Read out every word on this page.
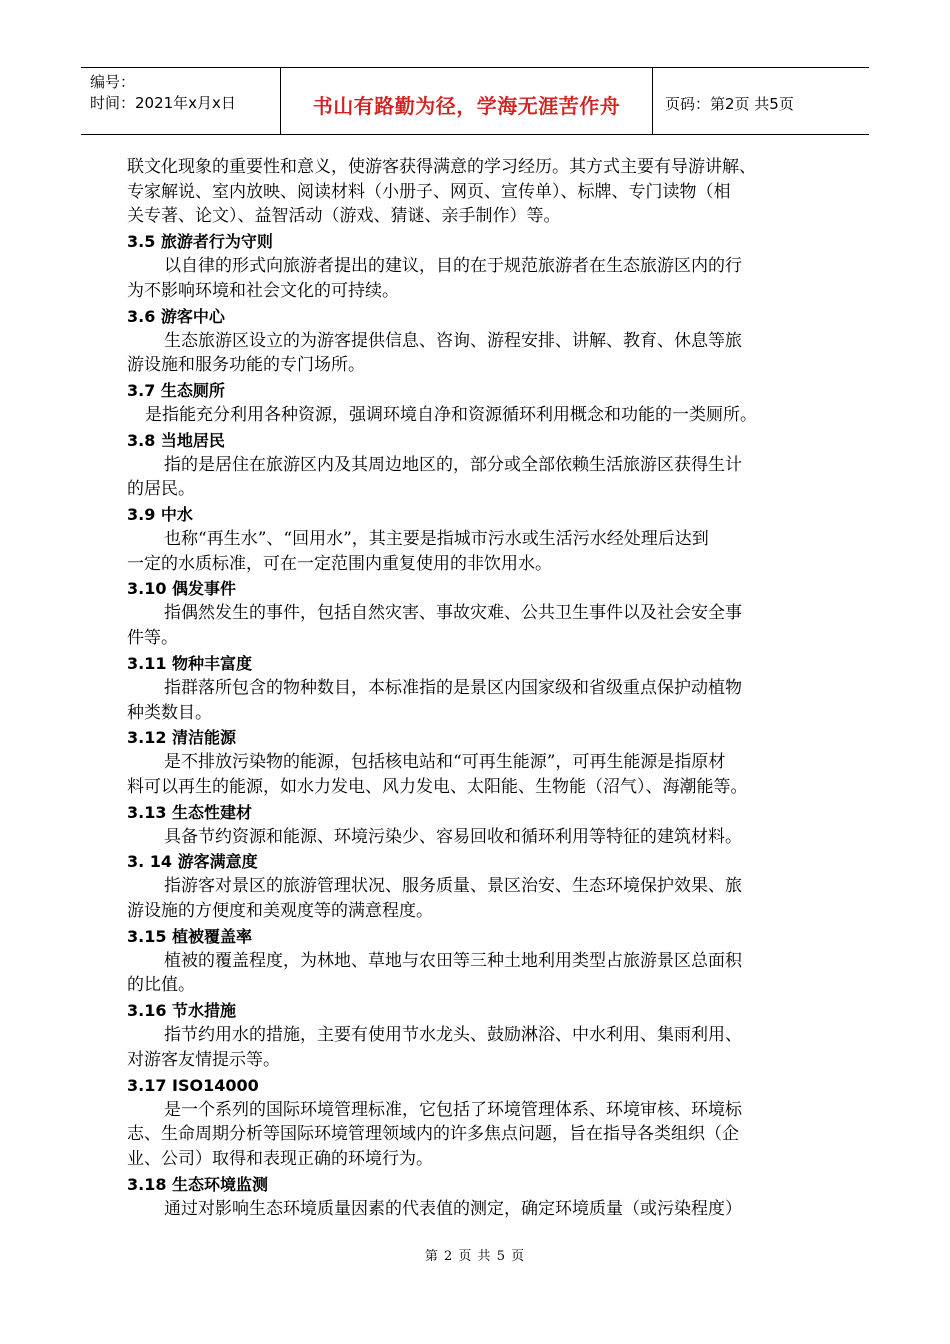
编号：
时间：2021年x月x日	书山有路勤为径，学海无涯苦作舟	页码：第2页 共5页
联文化现象的重要性和意义，使游客获得满意的学习经历。其方式主要有导游讲解、
专家解说、室内放映、阅读材料（小册子、网页、宣传单）、标牌、专门读物（相
关专著、论文）、益智活动（游戏、猜谜、亲手制作）等。
3.5 旅游者行为守则
以自律的形式向旅游者提出的建议，目的在于规范旅游者在生态旅游区内的行
为不影响环境和社会文化的可持续。
3.6 游客中心
生态旅游区设立的为游客提供信息、咨询、游程安排、讲解、教育、休息等旅
游设施和服务功能的专门场所。
3.7 生态厕所
是指能充分利用各种资源，强调环境自净和资源循环利用概念和功能的一类厕所。
3.8 当地居民
指的是居住在旅游区内及其周边地区的，部分或全部依赖生活旅游区获得生计
的居民。
3.9 中水
也称“再生水”、“回用水”，其主要是指城市污水或生活污水经处理后达到
一定的水质标准，可在一定范围内重复使用的非饮用水。
3.10 偶发事件
指偶然发生的事件，包括自然灾害、事故灾难、公共卫生事件以及社会安全事
件等。
3.11 物种丰富度
指群落所包含的物种数目，本标准指的是景区内国家级和省级重点保护动植物
种类数目。
3.12 清洁能源
是不排放污染物的能源，包括核电站和“可再生能源”，可再生能源是指原材
料可以再生的能源，如水力发电、风力发电、太阳能、生物能（沼气）、海潮能等。
3.13 生态性建材
具备节约资源和能源、环境污染少、容易回收和循环利用等特征的建筑材料。
3. 14 游客满意度
指游客对景区的旅游管理状况、服务质量、景区治安、生态环境保护效果、旅
游设施的方便度和美观度等的满意程度。
3.15 植被覆盖率
植被的覆盖程度，为林地、草地与农田等三种土地利用类型占旅游景区总面积
的比值。
3.16 节水措施
指节约用水的措施，主要有使用节水龙头、鼓励淋浴、中水利用、集雨利用、
对游客友情提示等。
3.17 ISO14000
是一个系列的国际环境管理标准，它包括了环境管理体系、环境审核、环境标
志、生命周期分析等国际环境管理领域内的许多焦点问题，旨在指导各类组织（企
业、公司）取得和表现正确的环境行为。
3.18 生态环境监测
通过对影响生态环境质量因素的代表值的测定，确定环境质量（或污染程度）
第 2 页 共 5 页
